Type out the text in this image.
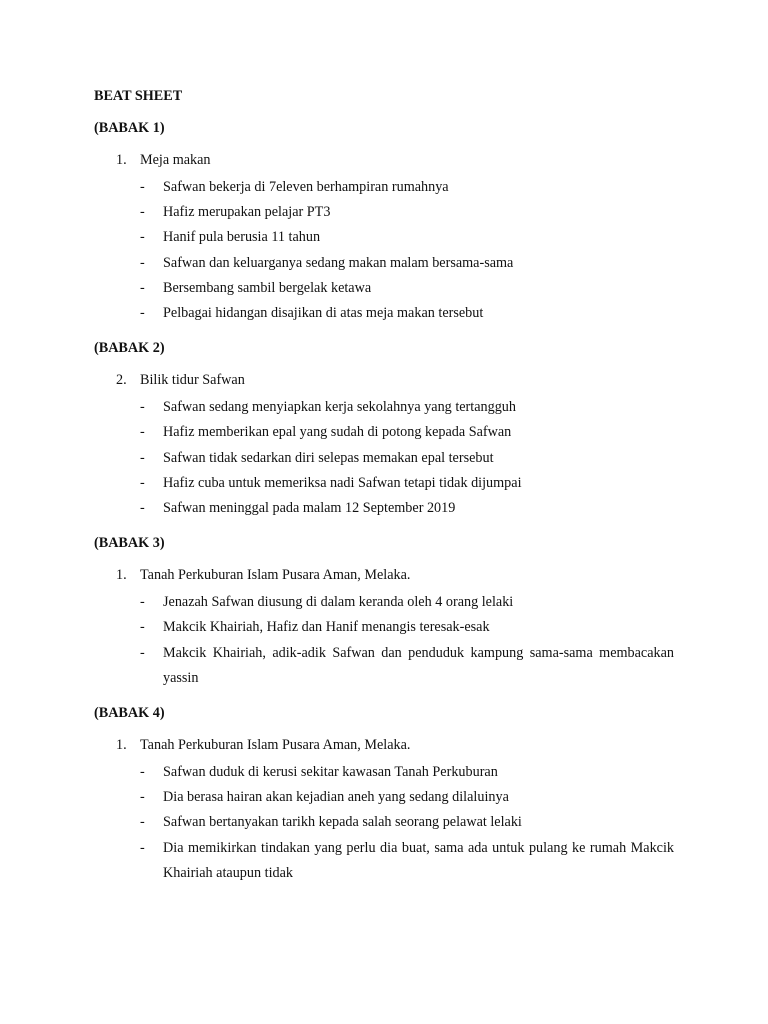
BEAT SHEET
(BABAK 1)
1. Meja makan
- Safwan bekerja di 7eleven berhampiran rumahnya
- Hafiz merupakan pelajar PT3
- Hanif pula berusia 11 tahun
- Safwan dan keluarganya sedang makan malam bersama-sama
- Bersembang sambil bergelak ketawa
- Pelbagai hidangan disajikan di atas meja makan tersebut
(BABAK 2)
2. Bilik tidur Safwan
- Safwan sedang menyiapkan kerja sekolahnya yang tertangguh
- Hafiz memberikan epal yang sudah di potong kepada Safwan
- Safwan tidak sedarkan diri selepas memakan epal tersebut
- Hafiz cuba untuk memeriksa nadi Safwan tetapi tidak dijumpai
- Safwan meninggal pada malam 12 September 2019
(BABAK 3)
1. Tanah Perkuburan Islam Pusara Aman, Melaka.
- Jenazah Safwan diusung di dalam keranda oleh 4 orang lelaki
- Makcik Khairiah, Hafiz dan Hanif menangis teresak-esak
- Makcik Khairiah, adik-adik Safwan dan penduduk kampung sama-sama membacakan yassin
(BABAK 4)
1. Tanah Perkuburan Islam Pusara Aman, Melaka.
- Safwan duduk di kerusi sekitar kawasan Tanah Perkuburan
- Dia berasa hairan akan kejadian aneh yang sedang dilaluinya
- Safwan bertanyakan tarikh kepada salah seorang pelawat lelaki
- Dia memikirkan tindakan yang perlu dia buat, sama ada untuk pulang ke rumah Makcik Khairiah ataupun tidak
